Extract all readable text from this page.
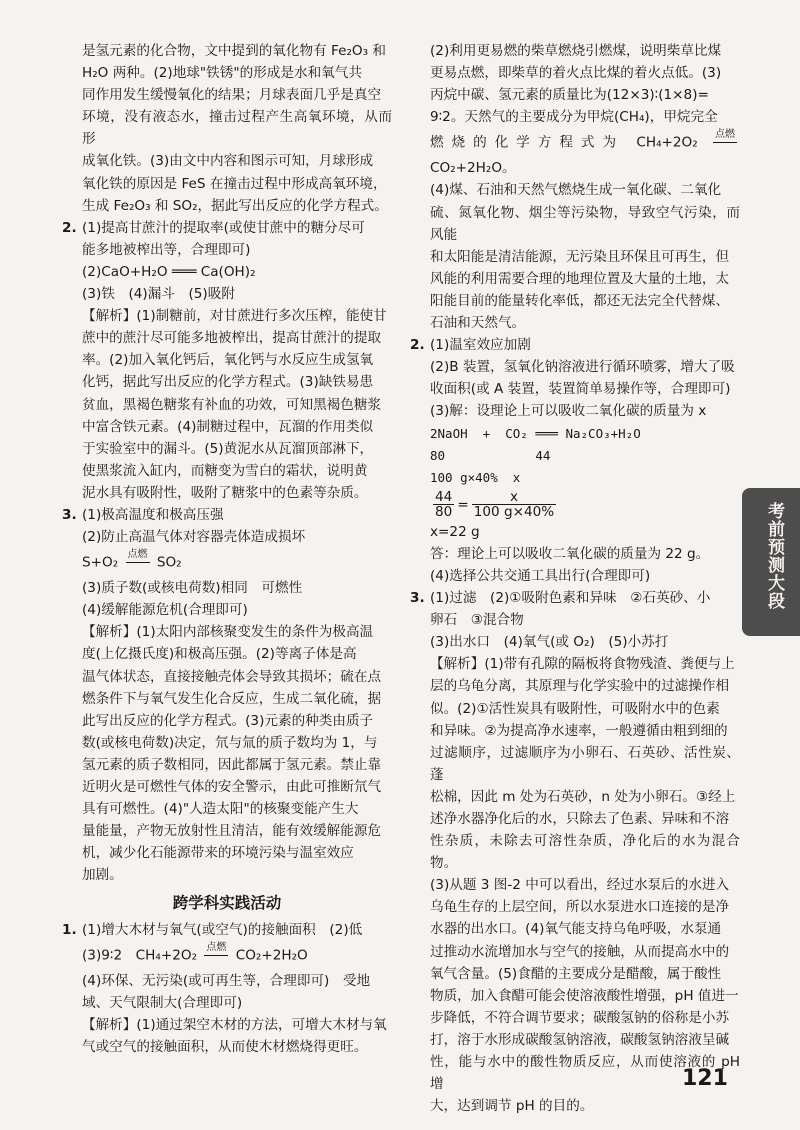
是氢元素的化合物，文中提到的氧化物有 Fe₂O₃ 和

H₂O 两种。(2)地球"铁锈"的形成是水和氧气共

同作用发生缓慢氧化的结果；月球表面几乎是真空

环境，没有液态水，撞击过程产生高氧环境，从而形

成氧化铁。(3)由文中内容和图示可知，月球形成

氧化铁的原因是 FeS 在撞击过程中形成高氧环境，

生成 Fe₂O₃ 和 SO₂，据此写出反应的化学方程式。

2. (1)提高甘蔗汁的提取率(或使甘蔗中的糖分尽可

能多地被榨出等，合理即可)

(2)CaO+H₂O ═══ Ca(OH)₂

(3)铁　(4)漏斗　(5)吸附

【解析】(1)制糖前，对甘蔗进行多次压榨，能使甘

蔗中的蔗汁尽可能多地被榨出，提高甘蔗汁的提取

率。(2)加入氧化钙后，氧化钙与水反应生成氢氧

化钙，据此写出反应的化学方程式。(3)缺铁易患

贫血，黑褐色糖浆有补血的功效，可知黑褐色糖浆

中富含铁元素。(4)制糖过程中，瓦溜的作用类似

于实验室中的漏斗。(5)黄泥水从瓦溜顶部淋下，

使黑浆流入缸内，而糖变为雪白的霜状，说明黄

泥水具有吸附性，吸附了糖浆中的色素等杂质。

3. (1)极高温度和极高压强

(2)防止高温气体对容器壳体造成损坏

S+O₂ 点燃
SO₂

(3)质子数(或核电荷数)相同　可燃性

(4)缓解能源危机(合理即可)

【解析】(1)太阳内部核聚变发生的条件为极高温

度(上亿摄氏度)和极高压强。(2)等离子体是高

温气体状态，直接接触壳体会导致其损坏；硫在点

燃条件下与氧气发生化合反应，生成二氧化硫，据

此写出反应的化学方程式。(3)元素的种类由质子

数(或核电荷数)决定，氘与氚的质子数均为 1，与

氢元素的质子数相同，因此都属于氢元素。禁止靠

近明火是可燃性气体的安全警示，由此可推断氘气

具有可燃性。(4)"人造太阳"的核聚变能产生大

量能量，产物无放射性且清洁，能有效缓解能源危

机，减少化石能源带来的环境污染与温室效应

加剧。

跨学科实践活动
1. (1)增大木材与氧气(或空气)的接触面积　(2)低

(3)9∶2　CH₄+2O₂ 点燃
CO₂+2H₂O

(4)环保、无污染(或可再生等，合理即可)　受地

域、天气限制大(合理即可)

【解析】(1)通过架空木材的方法，可增大木材与氧

气或空气的接触面积，从而使木材燃烧得更旺。

(2)利用更易燃的柴草燃烧引燃煤，说明柴草比煤

更易点燃，即柴草的着火点比煤的着火点低。(3)

丙烷中碳、氢元素的质量比为(12×3)∶(1×8)=

9∶2。天然气的主要成分为甲烷(CH₄)，甲烷完全

燃烧的化学方程式为 CH₄+2O₂ 点燃

CO₂+2H₂O。

(4)煤、石油和天然气燃烧生成一氧化碳、二氧化

硫、氮氧化物、烟尘等污染物，导致空气污染，而风能

和太阳能是清洁能源，无污染且环保且可再生，但

风能的利用需要合理的地理位置及大量的土地，太

阳能目前的能量转化率低，都还无法完全代替煤、

石油和天然气。

2. (1)温室效应加剧

(2)B 装置，氢氧化钠溶液进行循环喷雾，增大了吸

收面积(或 A 装置，装置简单易操作等，合理即可)

(3)解：设理论上可以吸收二氧化碳的质量为 x

2NaOH  +  CO₂ ═══ Na₂CO₃+H₂O

80            44

100 g×40%  x

$\frac{44}{80} = \frac{x}{100 g\times 40\%}$

x=22 g

答：理论上可以吸收二氧化碳的质量为 22 g。

(4)选择公共交通工具出行(合理即可)

3. (1)过滤　(2)①吸附色素和异味　②石英砂、小

卵石　③混合物

(3)出水口　(4)氧气(或 O₂)　(5)小苏打

【解析】(1)带有孔隙的隔板将食物残渣、粪便与上

层的乌龟分离，其原理与化学实验中的过滤操作相

似。(2)①活性炭具有吸附性，可吸附水中的色素

和异味。②为提高净水速率，一般遵循由粗到细的

过滤顺序，过滤顺序为小卵石、石英砂、活性炭、蓬

松棉，因此 m 处为石英砂，n 处为小卵石。③经上

述净水器净化后的水，只除去了色素、异味和不溶

性杂质，未除去可溶性杂质，净化后的水为混合物。

(3)从题 3 图-2 中可以看出，经过水泵后的水进入

乌龟生存的上层空间，所以水泵进水口连接的是净

水器的出水口。(4)氧气能支持乌龟呼吸，水泵通

过推动水流增加水与空气的接触，从而提高水中的

氧气含量。(5)食醋的主要成分是醋酸，属于酸性

物质，加入食醋可能会使溶液酸性增强，pH 值进一

步降低，不符合调节要求；碳酸氢钠的俗称是小苏

打，溶于水形成碳酸氢钠溶液，碳酸氢钠溶液呈碱

性，能与水中的酸性物质反应，从而使溶液的 pH 增

大，达到调节 pH 的目的。

考前预测大段
121
